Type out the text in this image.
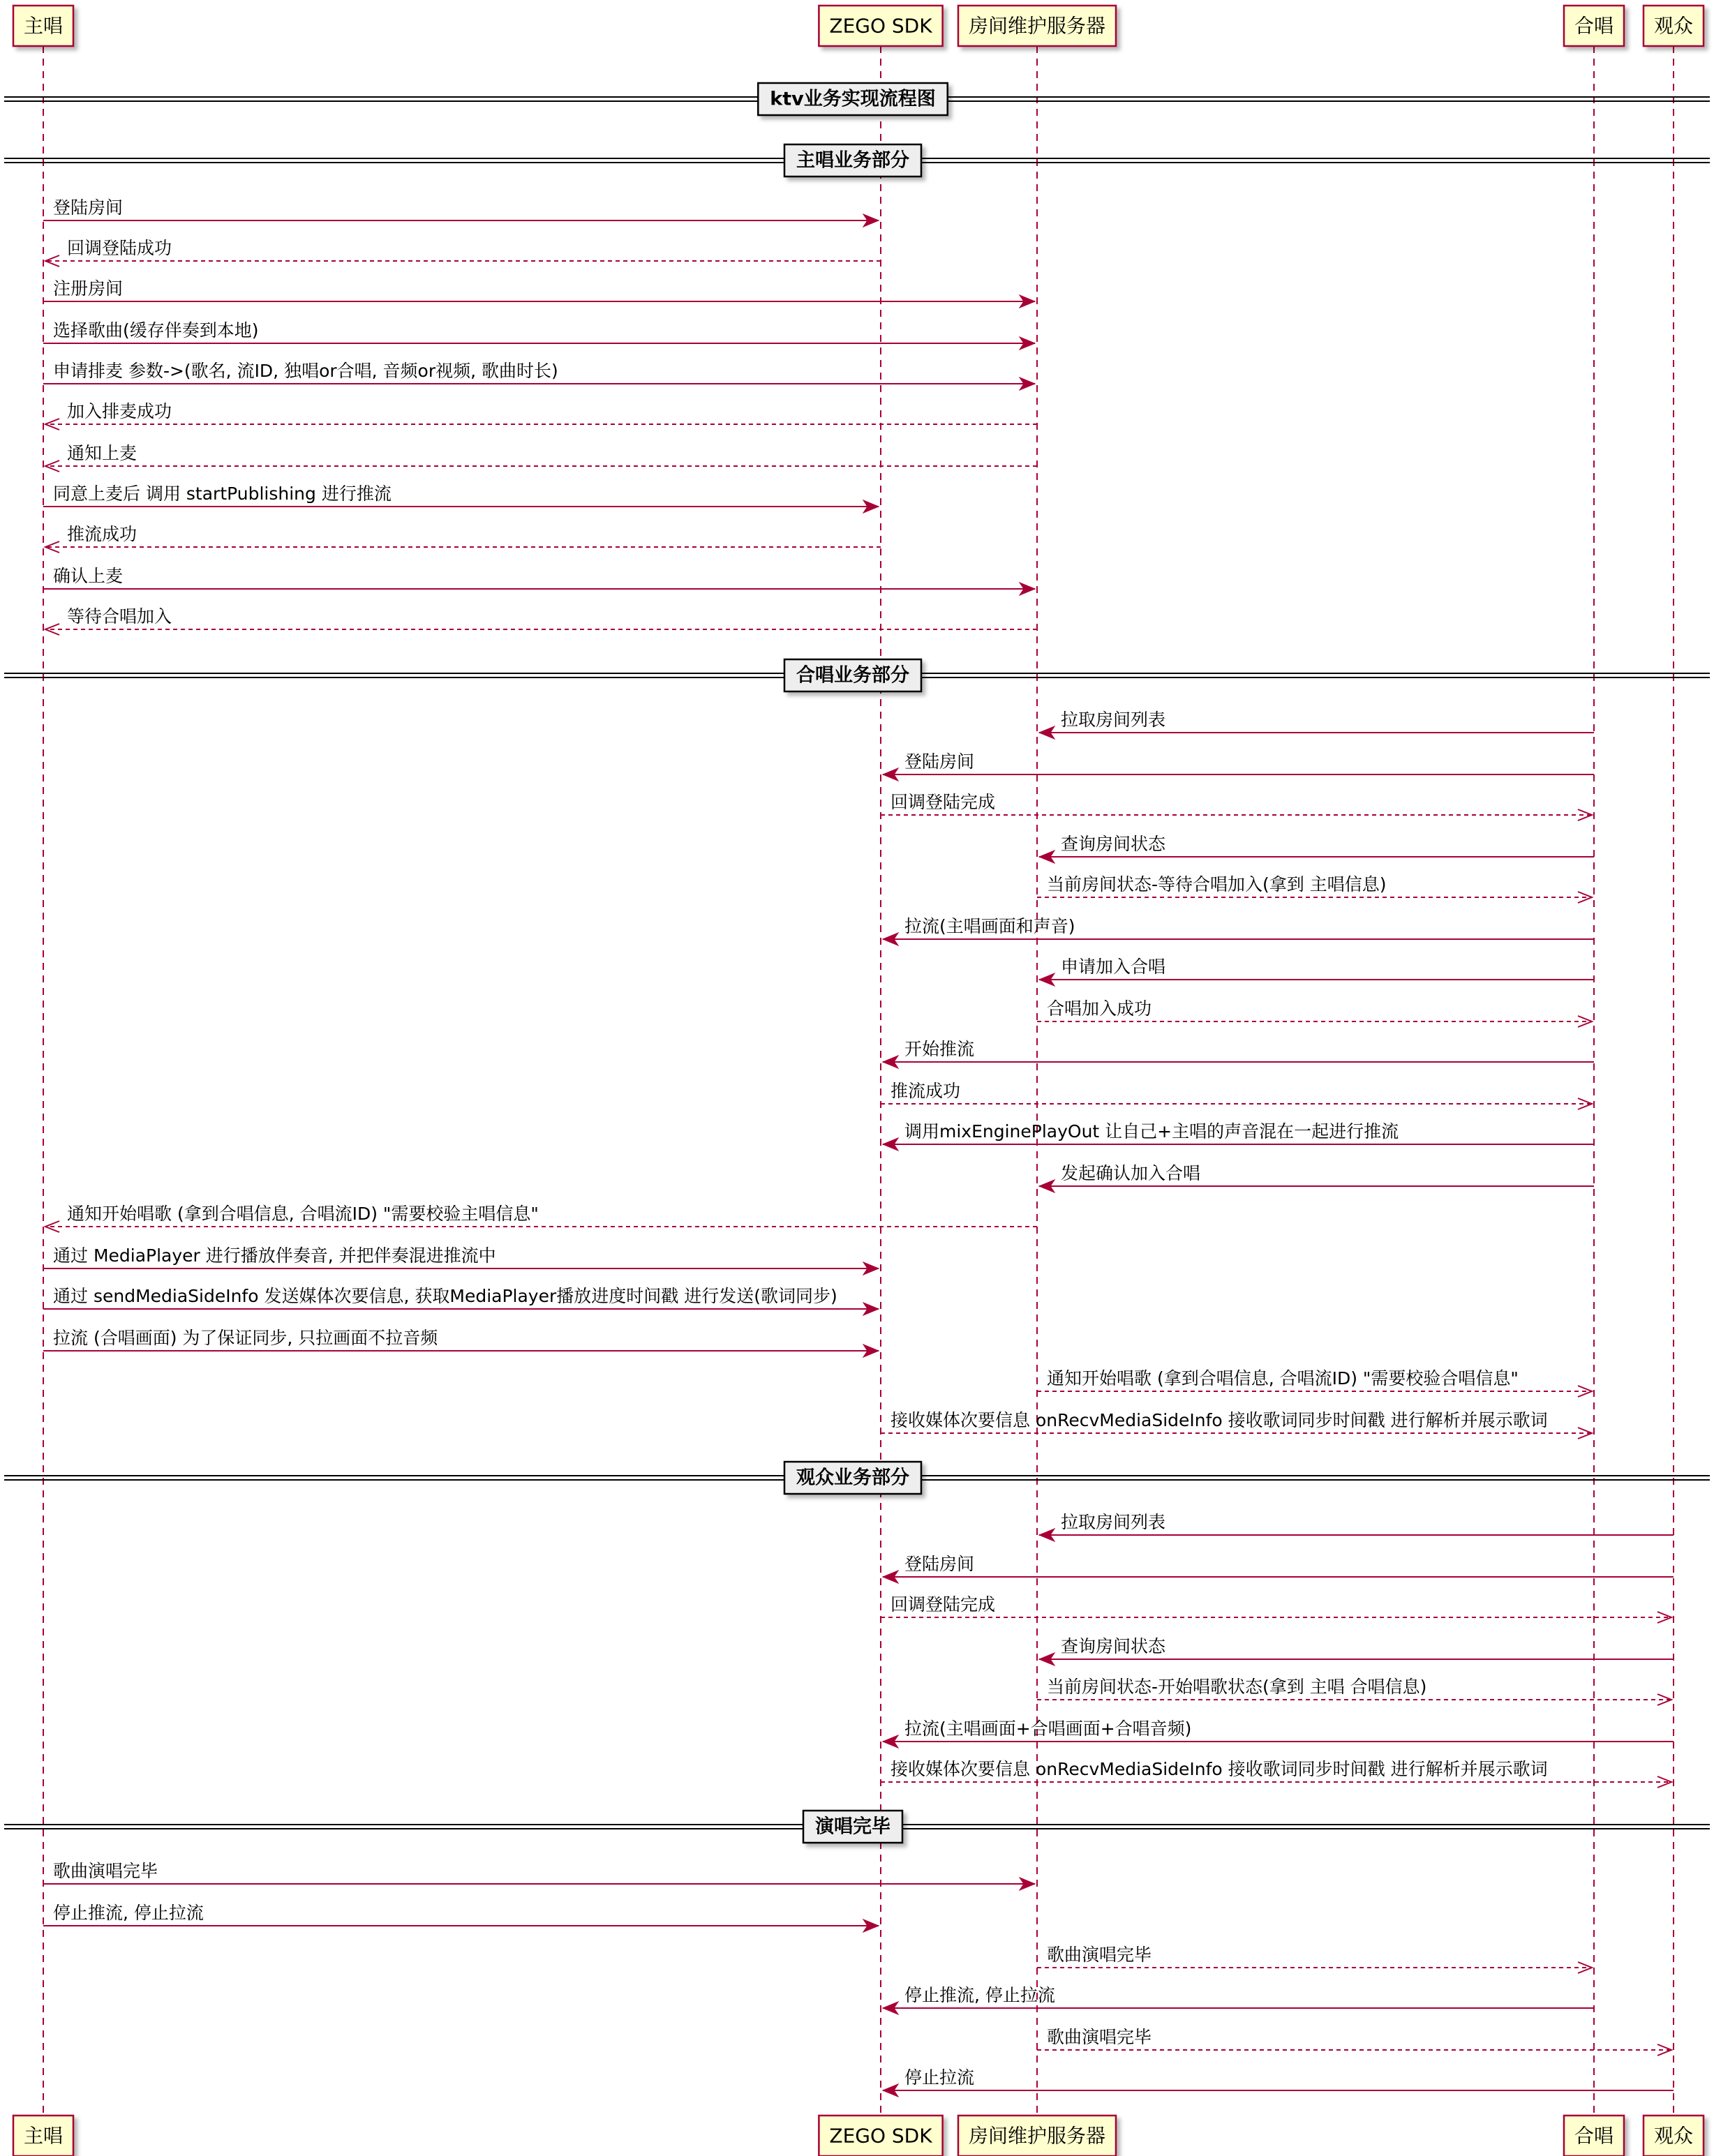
ktv业务实现流程图
主唱业务部分
登陆房间
回调登陆成功
注册房间
选择歌曲(缓存伴奏到本地)
申请排麦 参数->(歌名, 流ID, 独唱or合唱, 音频or视频, 歌曲时长)
加入排麦成功
通知上麦
同意上麦后 调用 startPublishing 进行推流
推流成功
确认上麦
等待合唱加入
合唱业务部分
拉取房间列表
登陆房间
回调登陆完成
查询房间状态
当前房间状态-等待合唱加入(拿到 主唱信息)
拉流(主唱画面和声音)
申请加入合唱
合唱加入成功
开始推流
推流成功
调用mixEnginePlayOut 让自己+主唱的声音混在一起进行推流
发起确认加入合唱
通知开始唱歌 (拿到合唱信息, 合唱流ID) "需要校验主唱信息"
通过 MediaPlayer 进行播放伴奏音, 并把伴奏混进推流中
通过 sendMediaSideInfo 发送媒体次要信息, 获取MediaPlayer播放进度时间戳 进行发送(歌词同步)
拉流 (合唱画面) 为了保证同步, 只拉画面不拉音频
通知开始唱歌 (拿到合唱信息, 合唱流ID) "需要校验合唱信息"
接收媒体次要信息 onRecvMediaSideInfo 接收歌词同步时间戳 进行解析并展示歌词
观众业务部分
拉取房间列表
登陆房间
回调登陆完成
查询房间状态
当前房间状态-开始唱歌状态(拿到 主唱 合唱信息)
拉流(主唱画面+合唱画面+合唱音频)
接收媒体次要信息 onRecvMediaSideInfo 接收歌词同步时间戳 进行解析并展示歌词
演唱完毕
歌曲演唱完毕
停止推流, 停止拉流
歌曲演唱完毕
停止推流, 停止拉流
歌曲演唱完毕
停止拉流
主唱
主唱
ZEGO SDK
ZEGO SDK
房间维护服务器
房间维护服务器
合唱
合唱
观众
观众
